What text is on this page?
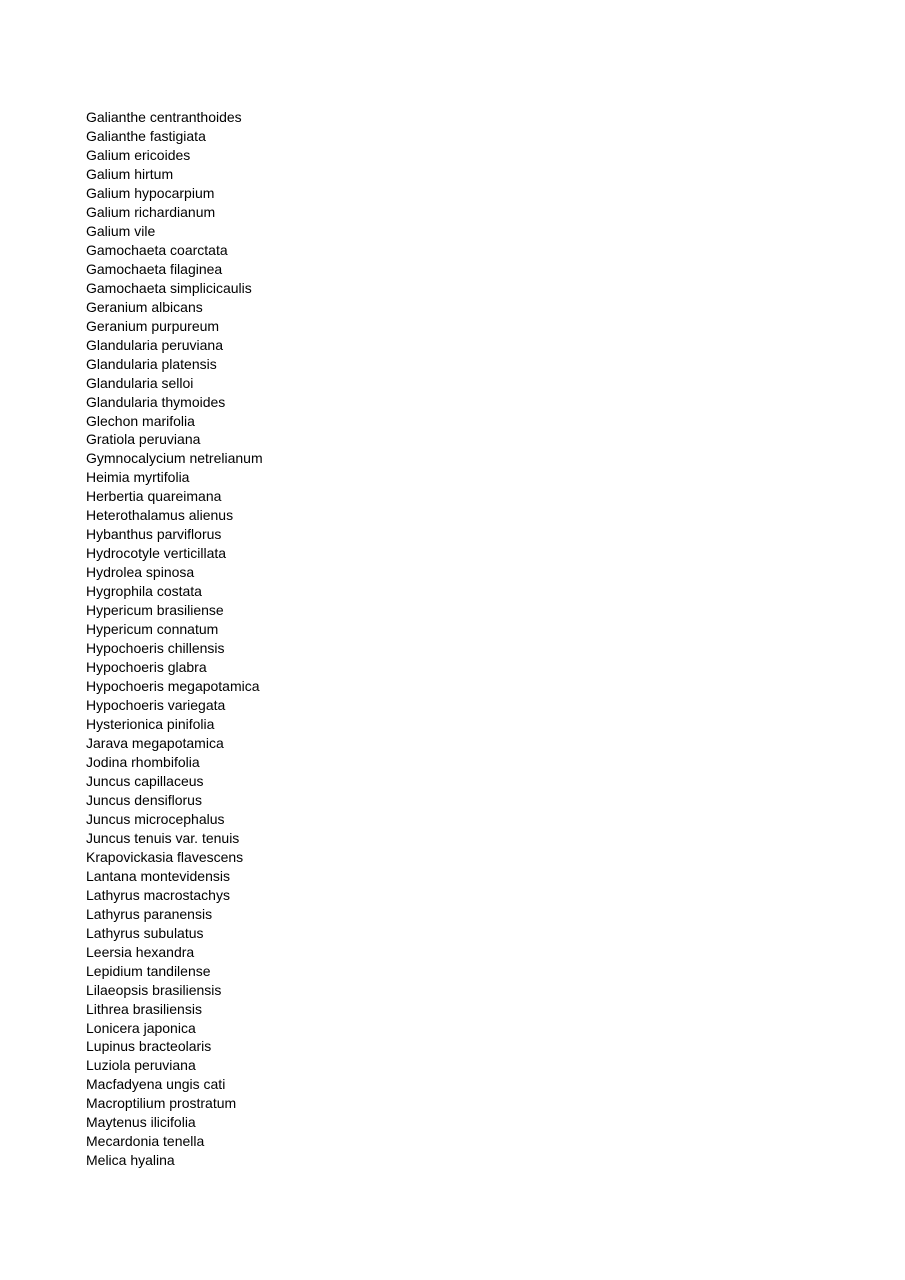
Galianthe centranthoides
Galianthe fastigiata
Galium ericoides
Galium hirtum
Galium hypocarpium
Galium richardianum
Galium vile
Gamochaeta coarctata
Gamochaeta filaginea
Gamochaeta simplicicaulis
Geranium albicans
Geranium purpureum
Glandularia peruviana
Glandularia platensis
Glandularia selloi
Glandularia thymoides
Glechon marifolia
Gratiola peruviana
Gymnocalycium netrelianum
Heimia myrtifolia
Herbertia quareimana
Heterothalamus alienus
Hybanthus parviflorus
Hydrocotyle verticillata
Hydrolea spinosa
Hygrophila costata
Hypericum brasiliense
Hypericum connatum
Hypochoeris chillensis
Hypochoeris glabra
Hypochoeris megapotamica
Hypochoeris variegata
Hysterionica pinifolia
Jarava megapotamica
Jodina rhombifolia
Juncus capillaceus
Juncus densiflorus
Juncus microcephalus
Juncus tenuis var. tenuis
Krapovickasia flavescens
Lantana montevidensis
Lathyrus macrostachys
Lathyrus paranensis
Lathyrus subulatus
Leersia hexandra
Lepidium tandilense
Lilaeopsis brasiliensis
Lithrea brasiliensis
Lonicera japonica
Lupinus bracteolaris
Luziola peruviana
Macfadyena ungis cati
Macroptilium prostratum
Maytenus ilicifolia
Mecardonia tenella
Melica hyalina
